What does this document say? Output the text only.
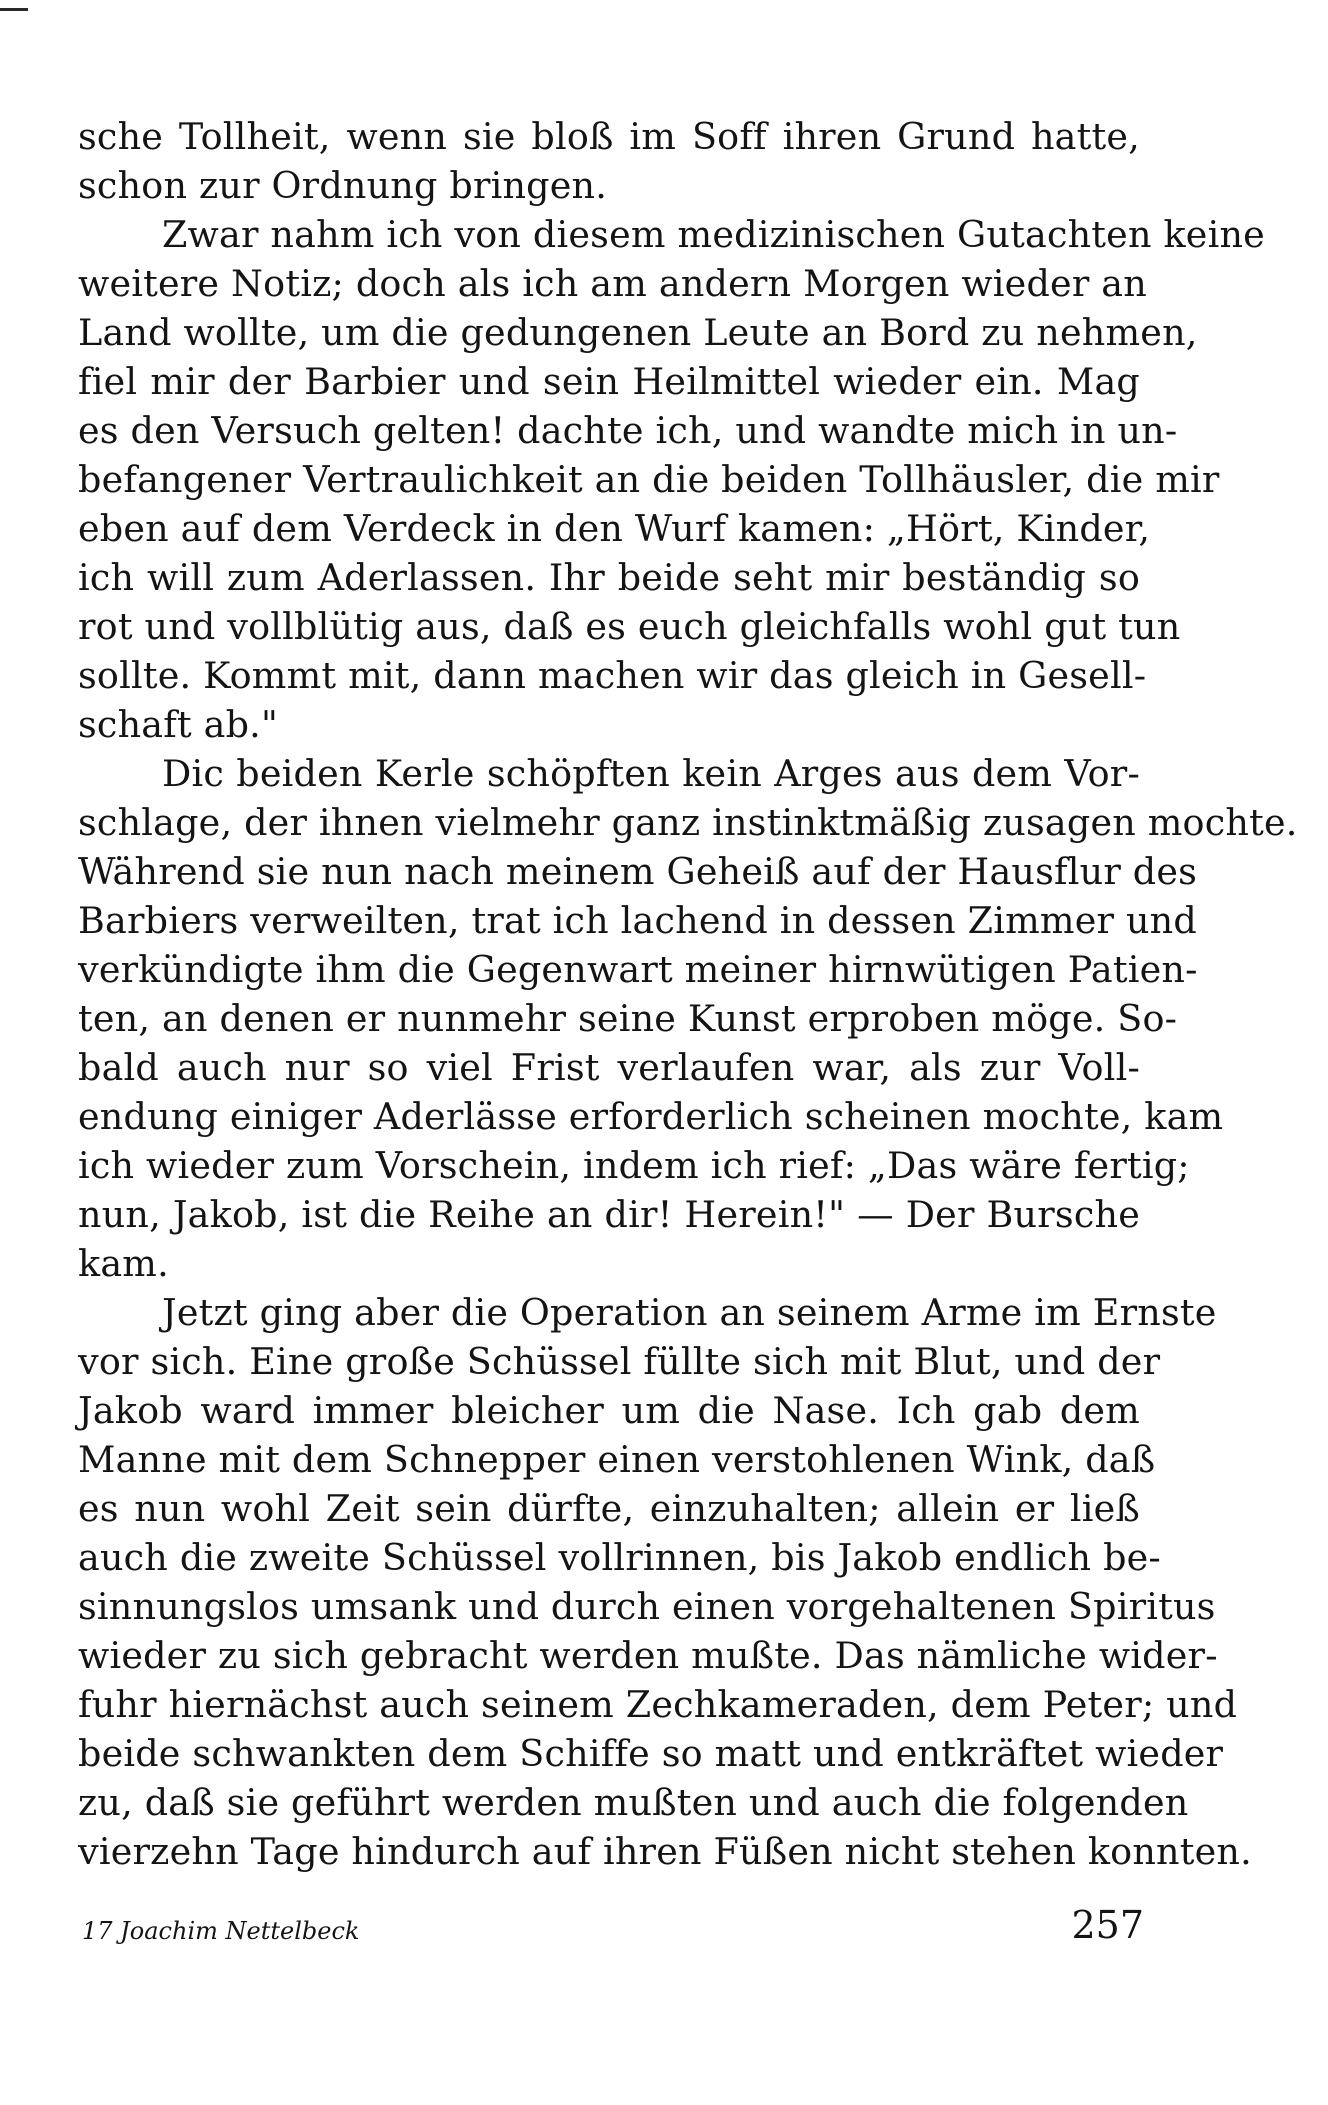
sche Tollheit, wenn sie bloß im Soff ihren Grund hatte,
schon zur Ordnung bringen.
Zwar nahm ich von diesem medizinischen Gutachten keine
weitere Notiz; doch als ich am andern Morgen wieder an
Land wollte, um die gedungenen Leute an Bord zu nehmen,
fiel mir der Barbier und sein Heilmittel wieder ein. Mag
es den Versuch gelten! dachte ich, und wandte mich in un-
befangener Vertraulichkeit an die beiden Tollhäusler, die mir
eben auf dem Verdeck in den Wurf kamen: „Hört, Kinder,
ich will zum Aderlassen. Ihr beide seht mir beständig so
rot und vollblütig aus, daß es euch gleichfalls wohl gut tun
sollte. Kommt mit, dann machen wir das gleich in Gesell-
schaft ab."
Dic beiden Kerle schöpften kein Arges aus dem Vor-
schlage, der ihnen vielmehr ganz instinktmäßig zusagen mochte.
Während sie nun nach meinem Geheiß auf der Hausflur des
Barbiers verweilten, trat ich lachend in dessen Zimmer und
verkündigte ihm die Gegenwart meiner hirnwütigen Patien-
ten, an denen er nunmehr seine Kunst erproben möge. So-
bald auch nur so viel Frist verlaufen war, als zur Voll-
endung einiger Aderlässe erforderlich scheinen mochte, kam
ich wieder zum Vorschein, indem ich rief: „Das wäre fertig;
nun, Jakob, ist die Reihe an dir! Herein!" — Der Bursche
kam.
Jetzt ging aber die Operation an seinem Arme im Ernste
vor sich. Eine große Schüssel füllte sich mit Blut, und der
Jakob ward immer bleicher um die Nase. Ich gab dem
Manne mit dem Schnepper einen verstohlenen Wink, daß
es nun wohl Zeit sein dürfte, einzuhalten; allein er ließ
auch die zweite Schüssel vollrinnen, bis Jakob endlich be-
sinnungslos umsank und durch einen vorgehaltenen Spiritus
wieder zu sich gebracht werden mußte. Das nämliche wider-
fuhr hiernächst auch seinem Zechkameraden, dem Peter; und
beide schwankten dem Schiffe so matt und entkräftet wieder
zu, daß sie geführt werden mußten und auch die folgenden
vierzehn Tage hindurch auf ihren Füßen nicht stehen konnten.
17 Joachim Nettelbeck	257
